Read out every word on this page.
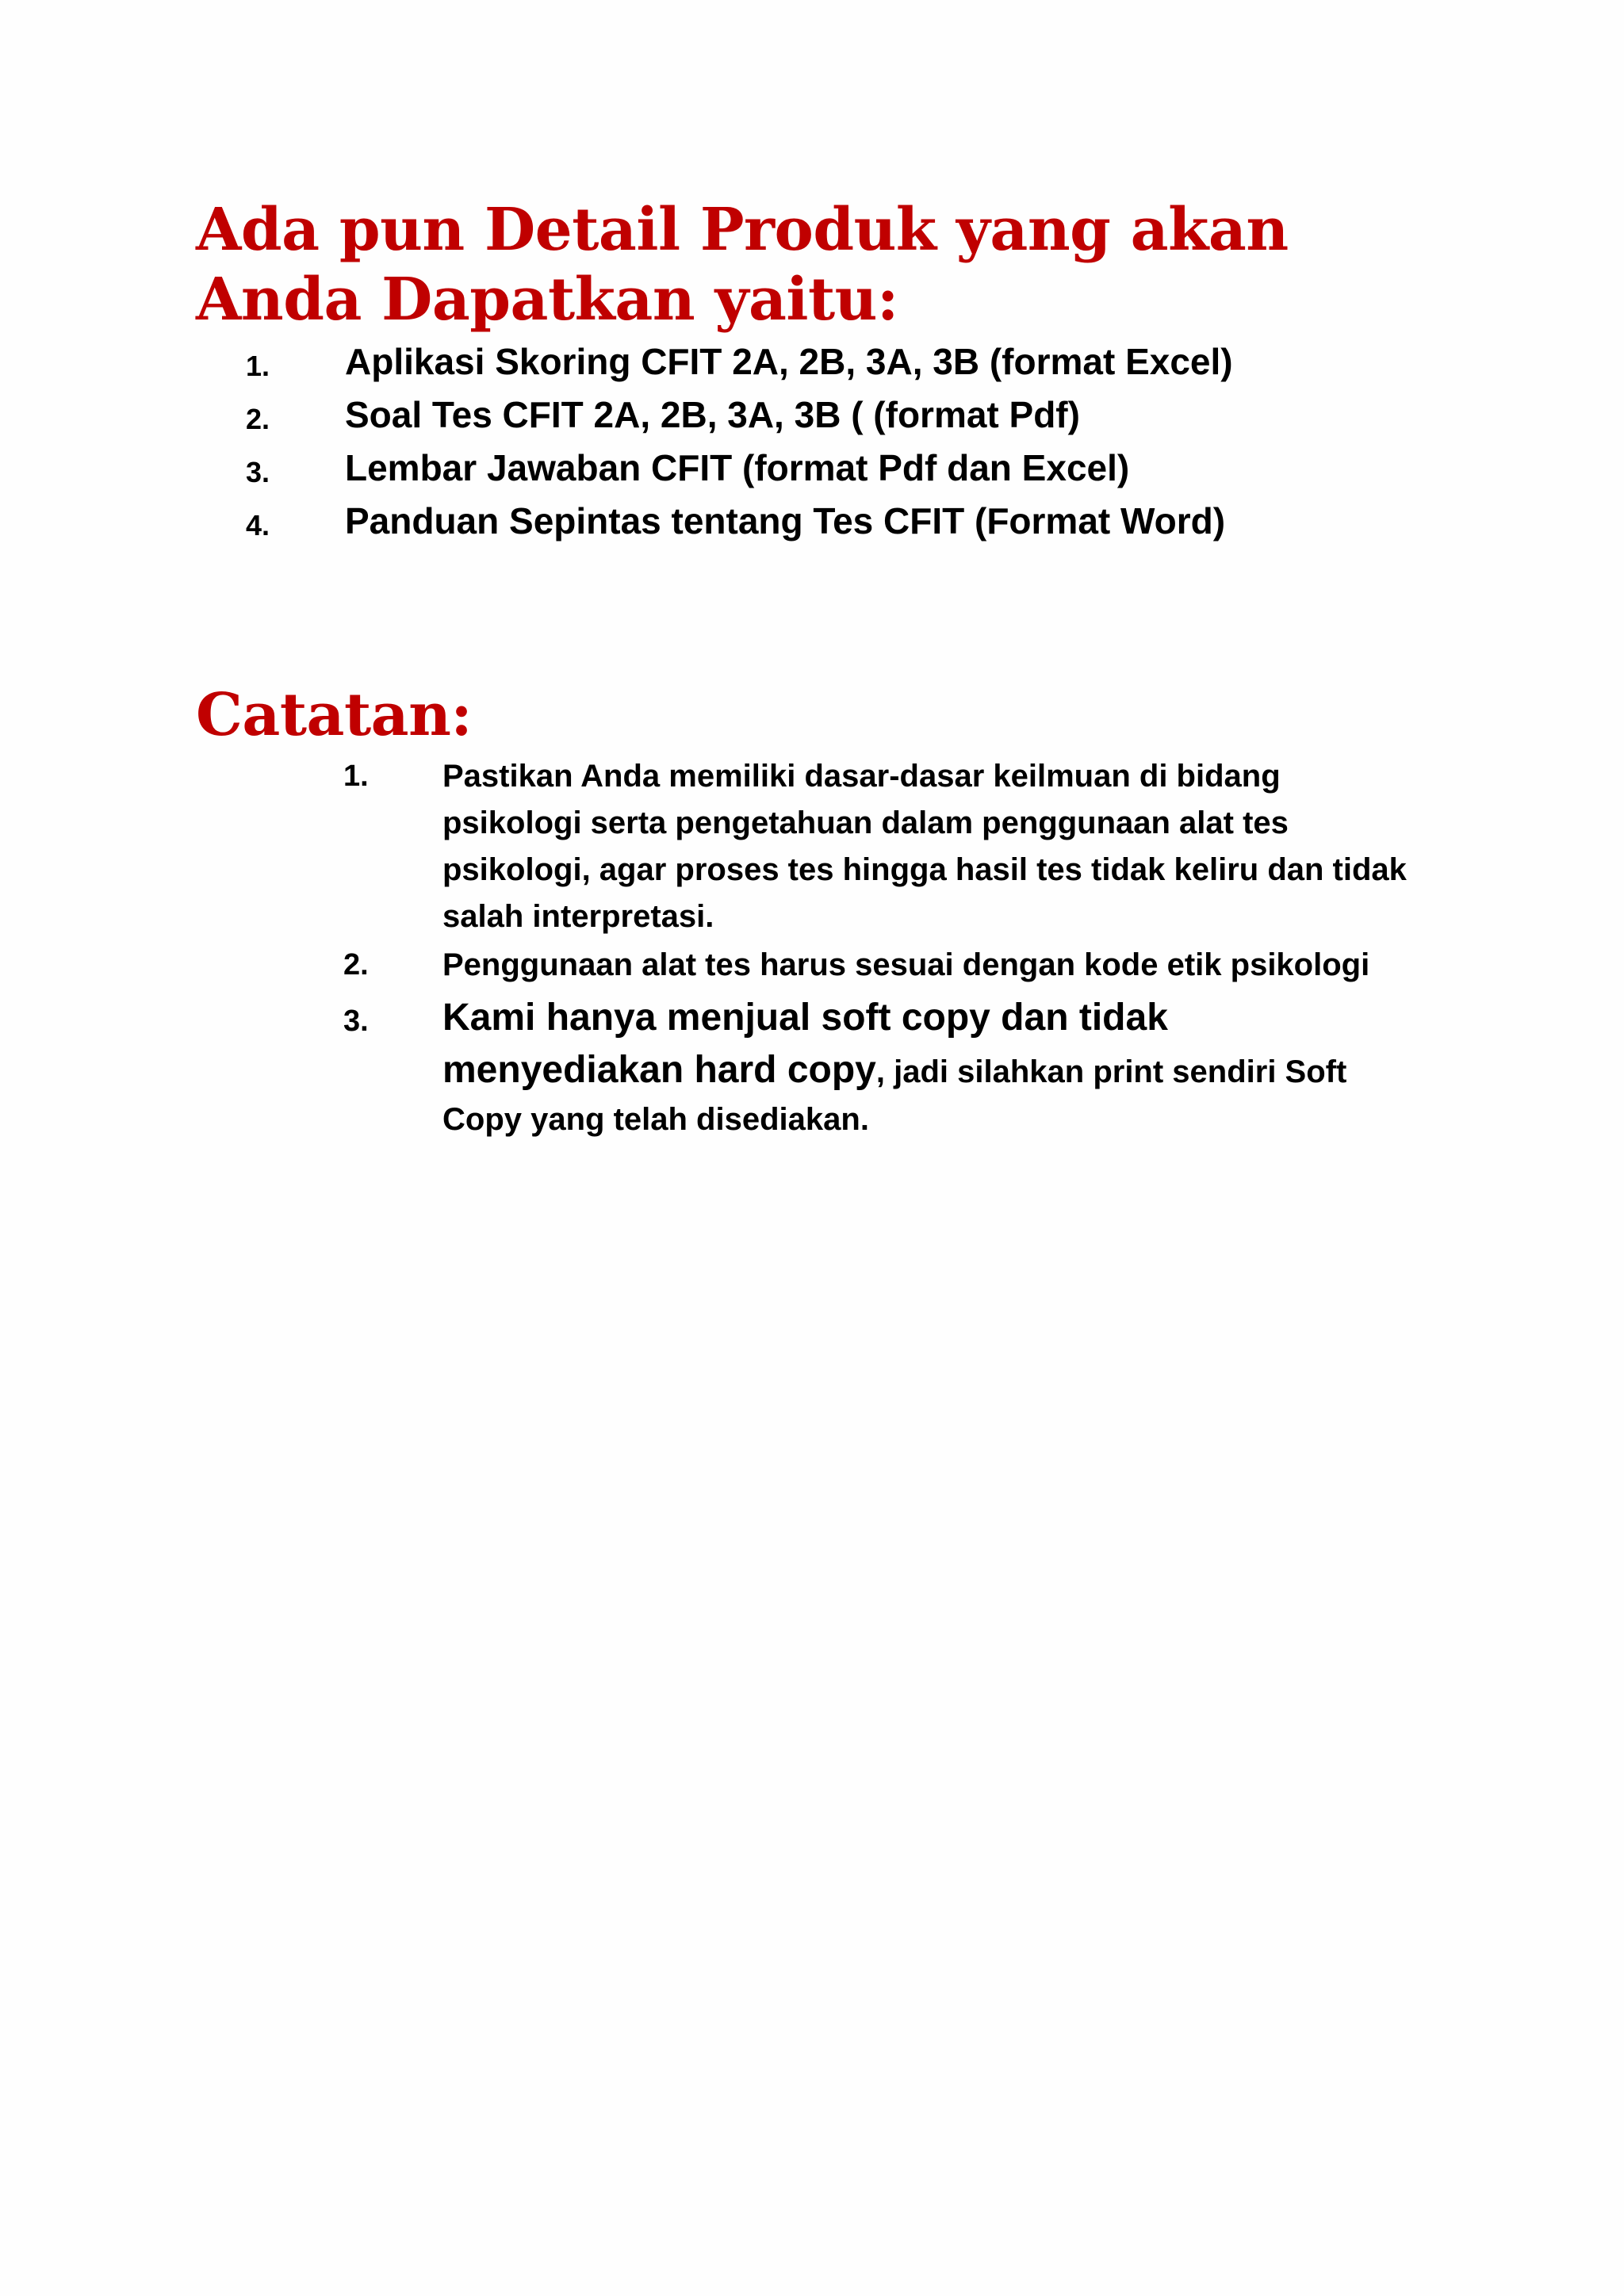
Ada pun Detail Produk yang akan Anda Dapatkan yaitu:
1. Aplikasi Skoring CFIT 2A, 2B, 3A, 3B (format Excel)
2. Soal Tes CFIT 2A, 2B, 3A, 3B ( (format Pdf)
3. Lembar Jawaban CFIT (format Pdf dan Excel)
4. Panduan Sepintas tentang Tes CFIT (Format Word)
Catatan:
1. Pastikan Anda memiliki dasar-dasar keilmuan di bidang psikologi serta pengetahuan dalam penggunaan alat tes psikologi, agar proses tes hingga hasil tes tidak keliru dan tidak salah interpretasi.
2. Penggunaan alat tes harus sesuai dengan kode etik psikologi
3. Kami hanya menjual soft copy dan tidak menyediakan hard copy, jadi silahkan print sendiri Soft Copy yang telah disediakan.
